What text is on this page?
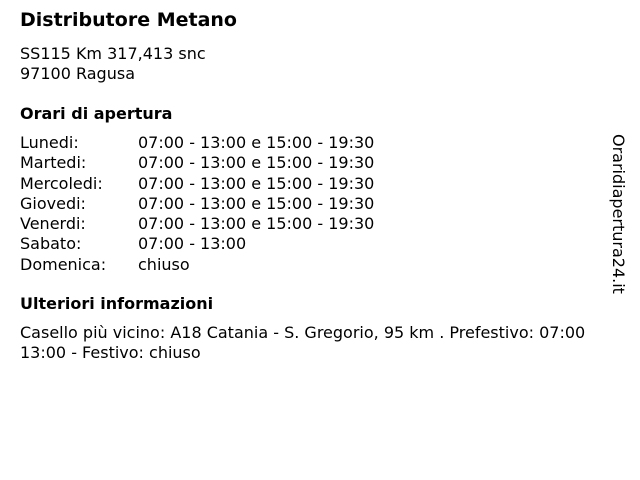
Distributore Metano
SS115 Km 317,413 snc
97100 Ragusa
Orari di apertura
Lunedi:	07:00 - 13:00 e 15:00 - 19:30
Martedi:	07:00 - 13:00 e 15:00 - 19:30
Mercoledi: 07:00 - 13:00 e 15:00 - 19:30
Giovedi:	07:00 - 13:00 e 15:00 - 19:30
Venerdi:	07:00 - 13:00 e 15:00 - 19:30
Sabato:	07:00 - 13:00
Domenica: chiuso
Ulteriori informazioni
Casello più vicino: A18 Catania - S. Gregorio, 95 km . Prefestivo: 07:00 13:00 - Festivo: chiuso
Oraridiapertura24.it
